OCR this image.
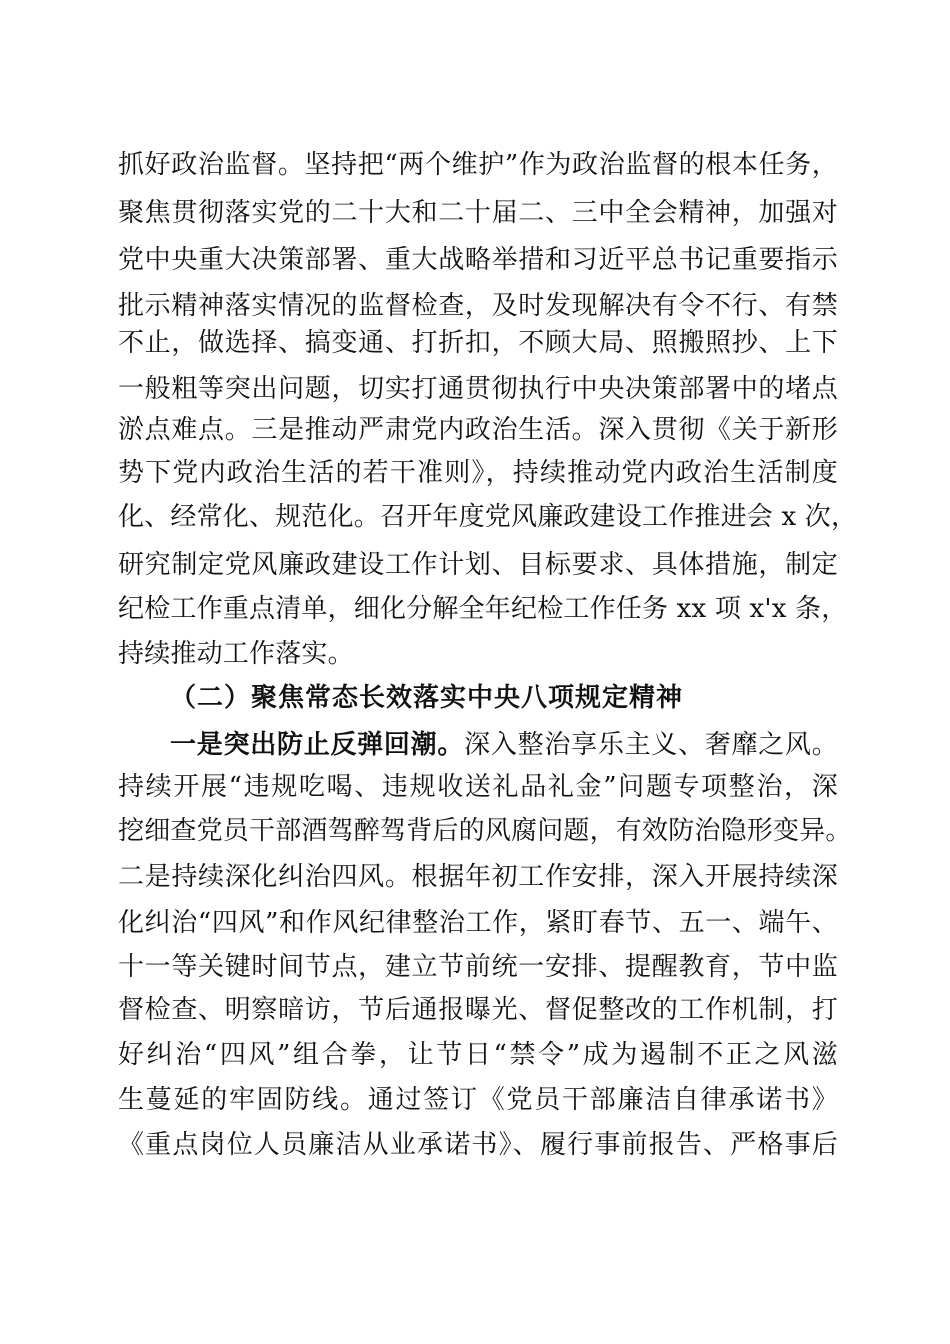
抓好政治监督。坚持把“两个维护”作为政治监督的根本任务，
聚焦贯彻落实党的二十大和二十届二、三中全会精神，加强对
党中央重大决策部署、重大战略举措和习近平总书记重要指示
批示精神落实情况的监督检查，及时发现解决有令不行、有禁
不止，做选择、搞变通、打折扣，不顾大局、照搬照抄、上下
一般粗等突出问题，切实打通贯彻执行中央决策部署中的堵点
淤点难点。三是推动严肃党内政治生活。深入贯彻《关于新形
势下党内政治生活的若干准则》，持续推动党内政治生活制度
化、经常化、规范化。召开年度党风廉政建设工作推进会 x 次，
研究制定党风廉政建设工作计划、目标要求、具体措施，制定
纪检工作重点清单，细化分解全年纪检工作任务 xx 项 x'x 条，
持续推动工作落实。
（二）聚焦常态长效落实中央八项规定精神
一是突出防止反弹回潮。深入整治享乐主义、奢靡之风。
持续开展“违规吃喝、违规收送礼品礼金”问题专项整治，深
挖细查党员干部酒驾醉驾背后的风腐问题，有效防治隐形变异。
二是持续深化纠治四风。根据年初工作安排，深入开展持续深
化纠治“四风”和作风纪律整治工作，紧盯春节、五一、端午、
十一等关键时间节点，建立节前统一安排、提醒教育，节中监
督检查、明察暗访，节后通报曝光、督促整改的工作机制，打
好纠治“四风”组合拳，让节日“禁令”成为遏制不正之风滋
生蔓延的牢固防线。通过签订《党员干部廉洁自律承诺书》
《重点岗位人员廉洁从业承诺书》、履行事前报告、严格事后
